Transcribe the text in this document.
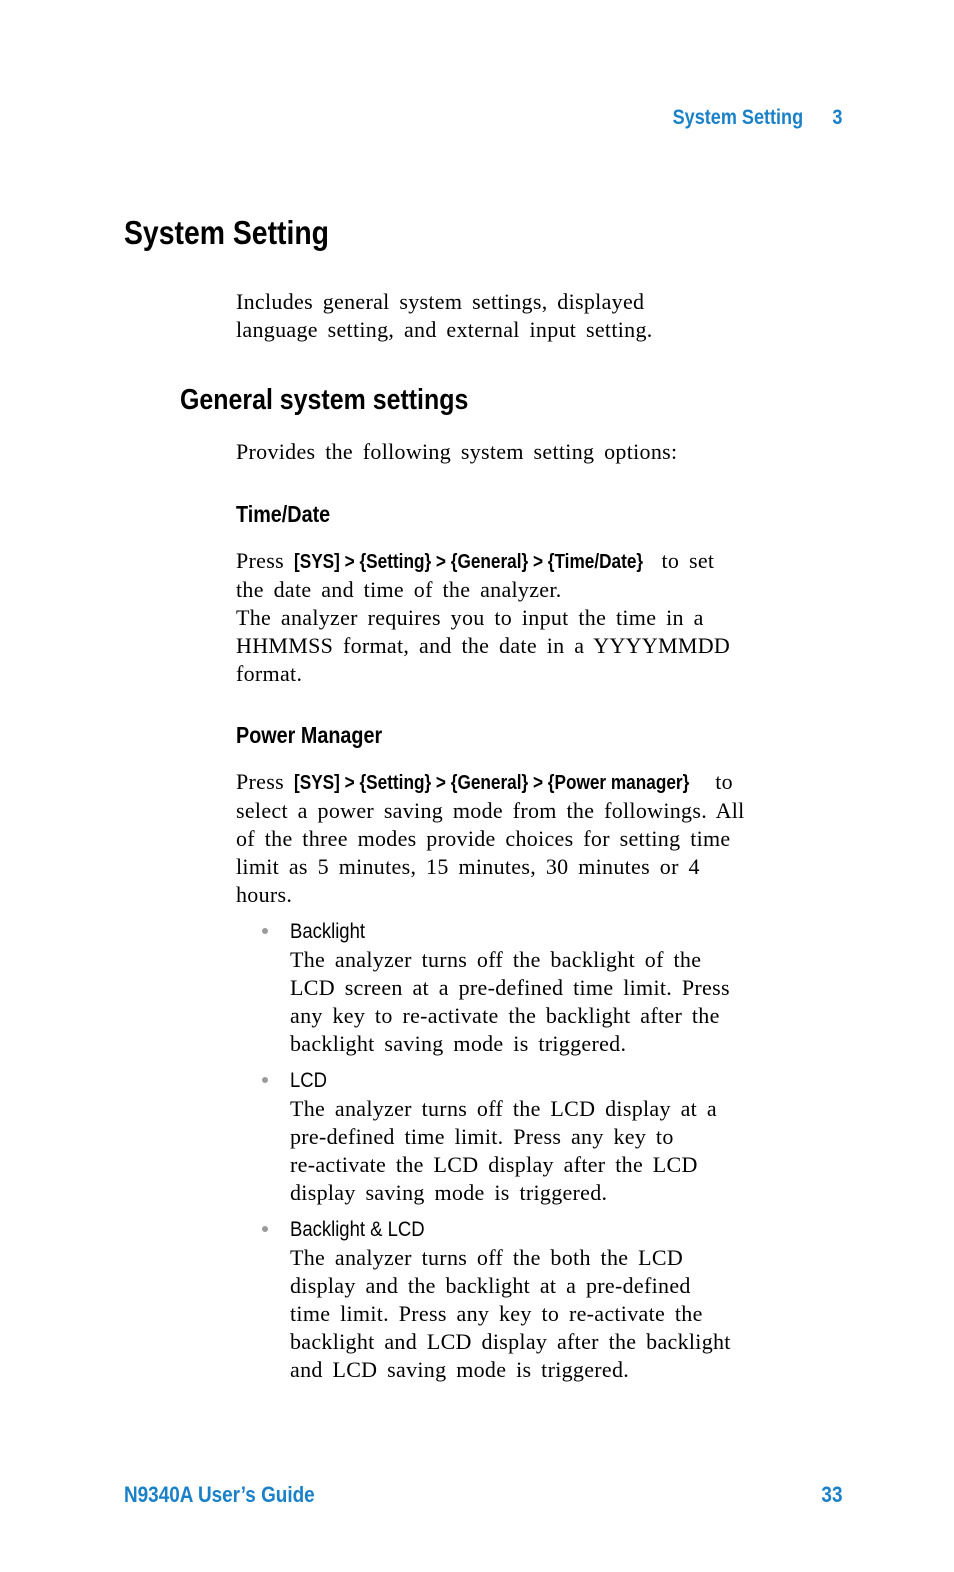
System Setting 3
System Setting
Includes general system settings, displayed
language setting, and external input setting.
General system settings
Provides the following system setting options:
Time/Date
Press [SYS] > {Setting} > {General} > {Time/Date} to set
the date and time of the analyzer.
The analyzer requires you to input the time in a
HHMMSS format, and the date in a YYYYMMDD
format.
Power Manager
Press [SYS] > {Setting} > {General} > {Power manager} to
select a power saving mode from the followings. All
of the three modes provide choices for setting time
limit as 5 minutes, 15 minutes, 30 minutes or 4
hours.
Backlight
The analyzer turns off the backlight of the
LCD screen at a pre-defined time limit. Press
any key to re-activate the backlight after the
backlight saving mode is triggered.
LCD
The analyzer turns off the LCD display at a
pre-defined time limit. Press any key to
re-activate the LCD display after the LCD
display saving mode is triggered.
Backlight & LCD
The analyzer turns off the both the LCD
display and the backlight at a pre-defined
time limit. Press any key to re-activate the
backlight and LCD display after the backlight
and LCD saving mode is triggered.
N9340A User’s Guide	33
